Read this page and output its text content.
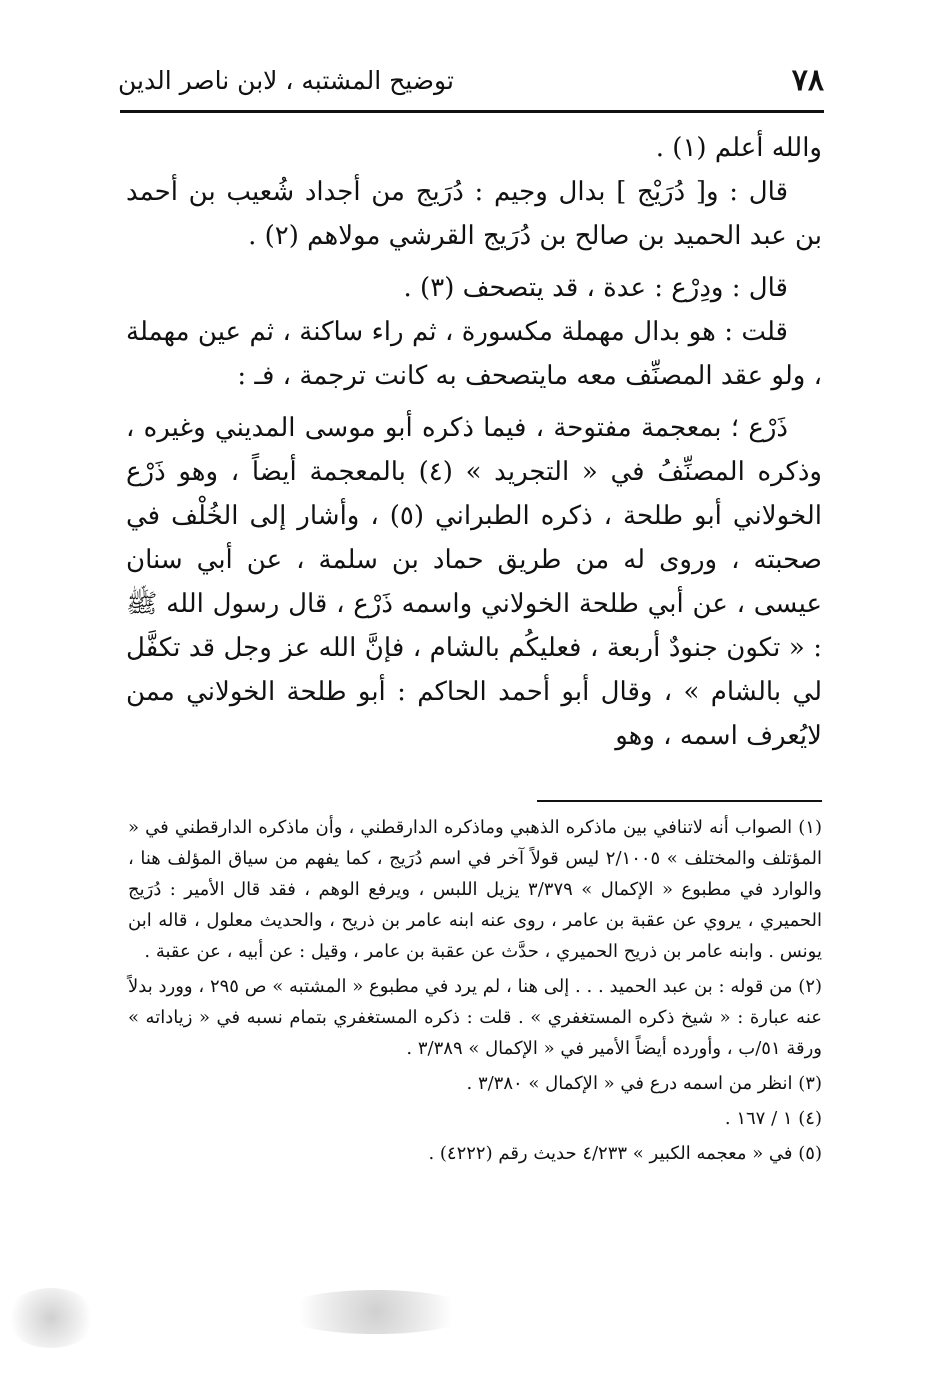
٧٨
توضيح المشتبه ، لابن ناصر الدين

والله أعلم (١) .

قال : و[ دُرَيْج ] بدال وجيم : دُرَيج من أجداد شُعيب بن أحمد بن عبد الحميد بن صالح بن دُرَيج القرشي مولاهم (٢) .

قال : ودِرْع : عدة ، قد يتصحف (٣) .

قلت : هو بدال مهملة مكسورة ، ثم راء ساكنة ، ثم عين مهملة ، ولو عقد المصنِّف معه مايتصحف به كانت ترجمة ، فـ :

ذَرْع ؛ بمعجمة مفتوحة ، فيما ذكره أبو موسى المديني وغيره ، وذكره المصنِّفُ في « التجريد » (٤) بالمعجمة أيضاً ، وهو ذَرْع الخولاني أبو طلحة ، ذكره الطبراني (٥) ، وأشار إلى الخُلْف في صحبته ، وروى له من طريق حماد بن سلمة ، عن أبي سنان عيسى ، عن أبي طلحة الخولاني واسمه ذَرْع ، قال رسول الله ﷺ : « تكون جنودٌ أربعة ، فعليكُم بالشام ، فإنَّ الله عز وجل قد تكفَّل لي بالشام » ، وقال أبو أحمد الحاكم : أبو طلحة الخولاني ممن لايُعرف اسمه ، وهو

(١) الصواب أنه لاتنافي بين ماذكره الذهبي وماذكره الدارقطني ، وأن ماذكره الدارقطني في « المؤتلف والمختلف » ٢/١٠٠٥ ليس قولاً آخر في اسم دُرَيج ، كما يفهم من سياق المؤلف هنا ، والوارد في مطبوع « الإكمال » ٣/٣٧٩ يزيل اللبس ، ويرفع الوهم ، فقد قال الأمير : دُرَيج الحميري ، يروي عن عقبة بن عامر ، روى عنه ابنه عامر بن ذريح ، والحديث معلول ، قاله ابن يونس . وابنه عامر بن ذريح الحميري ، حدَّث عن عقبة بن عامر ، وقيل : عن أبيه ، عن عقبة .

(٢) من قوله : بن عبد الحميد . . . إلى هنا ، لم يرد في مطبوع « المشتبه » ص ٢٩٥ ، وورد بدلاً عنه عبارة : « شيخ ذكره المستغفري » . قلت : ذكره المستغفري بتمام نسبه في « زياداته » ورقة ٥١/ب ، وأورده أيضاً الأمير في « الإكمال » ٣/٣٨٩ .

(٣) انظر من اسمه درع في « الإكمال » ٣/٣٨٠ .

(٤) ١ / ١٦٧ .

(٥) في « معجمه الكبير » ٤/٢٣٣ حديث رقم (٤٢٢٢) .
